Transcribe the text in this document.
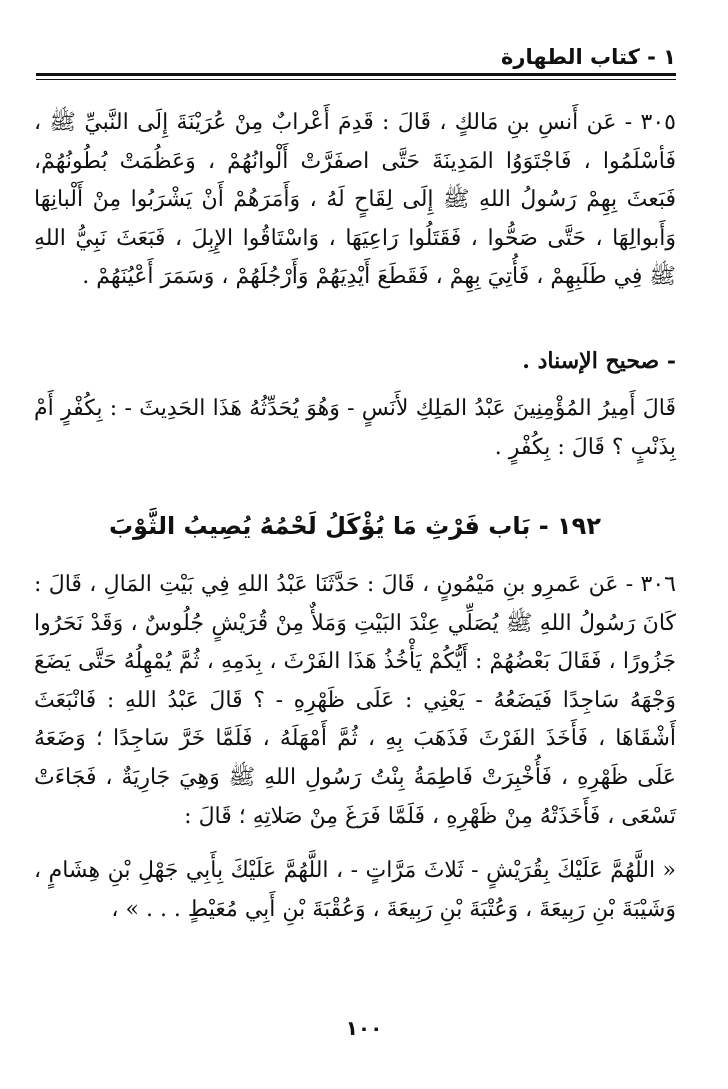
١ - كتاب الطهارة

٣٠٥ - عَن أَنسِ بنِ مَالكٍ ، قَالَ : قَدِمَ أَعْرابٌ مِنْ عُرَيْنَةَ إِلَى النَّبيِّ ﷺ ، فَأسْلَمُوا ، فَاجْتَوَوُا المَدِينَةَ حَتَّى اصفَرَّتْ أَلْوانُهُمْ ، وَعَظُمَتْ بُطُونُهُمْ، فَبَعثَ بِهِمْ رَسُولُ اللهِ ﷺ إِلَى لِقَاحٍ لَهُ ، وَأَمَرَهُمْ أَنْ يَشْرَبُوا مِنْ أَلْبانِهَا وَأَبوالِهَا ، حَتَّى صَحُّوا ، فَقَتَلُوا رَاعِيَهَا ، وَاسْتَاقُوا الإِبِلَ ، فَبَعَثَ نَبِيُّ اللهِ ﷺ فِي طَلَبِهِمْ ، فَأُتِيَ بِهِمْ ، فَقَطَعَ أَيْدِيَهُمْ وَأَرْجُلَهُمْ ، وَسَمَرَ أَعْيُنَهُمْ .

- صحيح الإسناد .

قَالَ أَمِيرُ المُؤْمِنِينَ عَبْدُ المَلِكِ لأَنَسٍ - وَهُوَ يُحَدِّثُهُ هَذَا الحَدِيثَ - : بِكُفْرٍ أَمْ بِذَنْبٍ ؟ قَالَ : بِكُفْرٍ .

١٩٢ - بَاب فَرْثِ مَا يُؤْكَلُ لَحْمُهُ يُصِيبُ الثَّوْبَ

٣٠٦ - عَن عَمرِو بنِ مَيْمُونٍ ، قَالَ : حَدَّثَنَا عَبْدُ اللهِ فِي بَيْتِ المَالِ ، قَالَ : كَانَ رَسُولُ اللهِ ﷺ يُصَلِّي عِنْدَ البَيْتِ وَمَلأٌ مِنْ قُرَيْشٍ جُلُوسٌ ، وَقَدْ نَحَرُوا جَزُورًا ، فَقَالَ بَعْضُهُمْ : أَيُّكُمْ يَأْخُذُ هَذَا الفَرْثَ ، بِدَمِهِ ، ثُمَّ يُمْهِلُهُ حَتَّى يَضَعَ وَجْهَهُ سَاجِدًا فَيَضَعُهُ - يَعْنِي : عَلَى ظَهْرِهِ - ؟ قَالَ عَبْدُ اللهِ : فَانْبَعَثَ أَشْقَاهَا ، فَأَخَذَ الفَرْثَ فَذَهَبَ بِهِ ، ثُمَّ أَمْهَلَهُ ، فَلَمَّا خَرَّ سَاجِدًا ؛ وَضَعَهُ عَلَى ظَهْرِهِ ، فَأُخْبِرَتْ فَاطِمَةُ بِنْتُ رَسُولِ اللهِ ﷺ وَهِيَ جَارِيَةٌ ، فَجَاءَتْ تَسْعَى ، فَأَخَذَتْهُ مِنْ ظَهْرِهِ ، فَلَمَّا فَرَغَ مِنْ صَلاتِهِ ؛ قَالَ :

« اللَّهُمَّ عَلَيْكَ بِقُرَيْشٍ - ثَلاثَ مَرَّاتٍ - ، اللَّهُمَّ عَلَيْكَ بِأَبِي جَهْلِ بْنِ هِشَامٍ ، وَشَيْبَةَ بْنِ رَبِيعَةَ ، وَعُتْبَةَ بْنِ رَبِيعَةَ ، وَعُقْبَةَ بْنِ أَبِي مُعَيْطٍ . . . » ،

١٠٠
